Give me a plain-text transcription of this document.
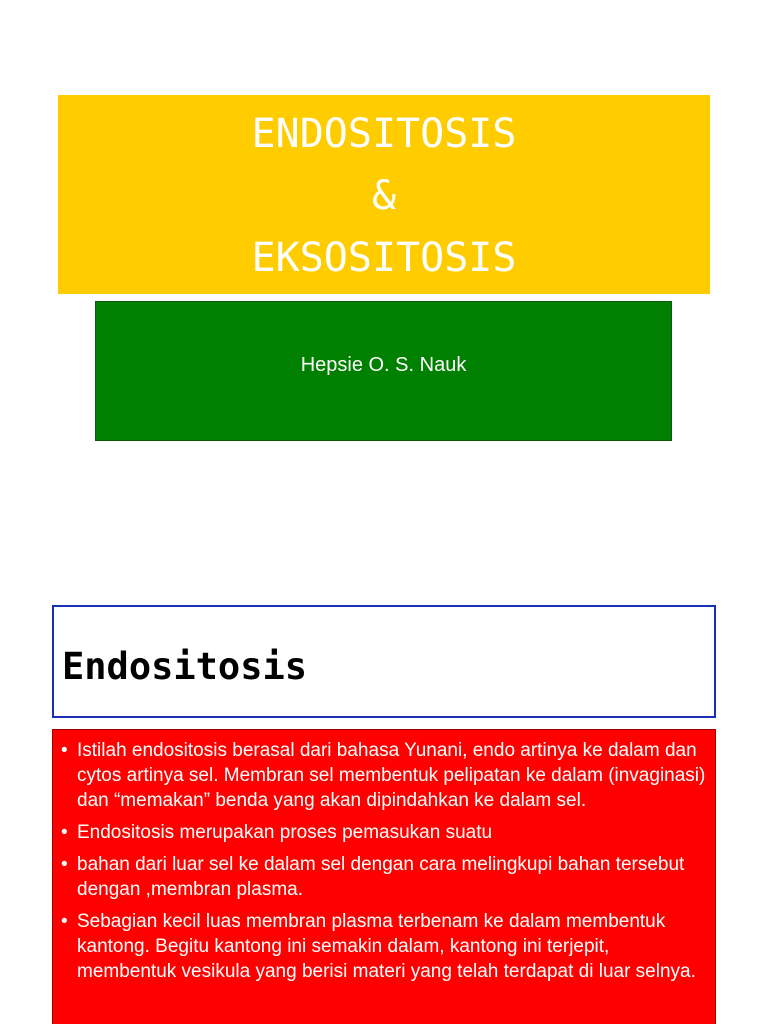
ENDOSITOSIS
&
EKSOSITOSIS
Hepsie O. S. Nauk
Endositosis
• Istilah endositosis berasal dari bahasa Yunani, endo artinya ke dalam dan cytos artinya sel. Membran sel membentuk pelipatan ke dalam (invaginasi) dan “memakan” benda yang akan dipindahkan ke dalam sel.
• Endositosis merupakan proses pemasukan suatu
• bahan dari luar sel ke dalam sel dengan cara melingkupi bahan tersebut dengan ,membran plasma.
• Sebagian kecil luas membran plasma terbenam ke dalam membentuk kantong. Begitu kantong ini semakin dalam, kantong ini terjepit, membentuk vesikula yang berisi materi yang telah terdapat di luar selnya.
